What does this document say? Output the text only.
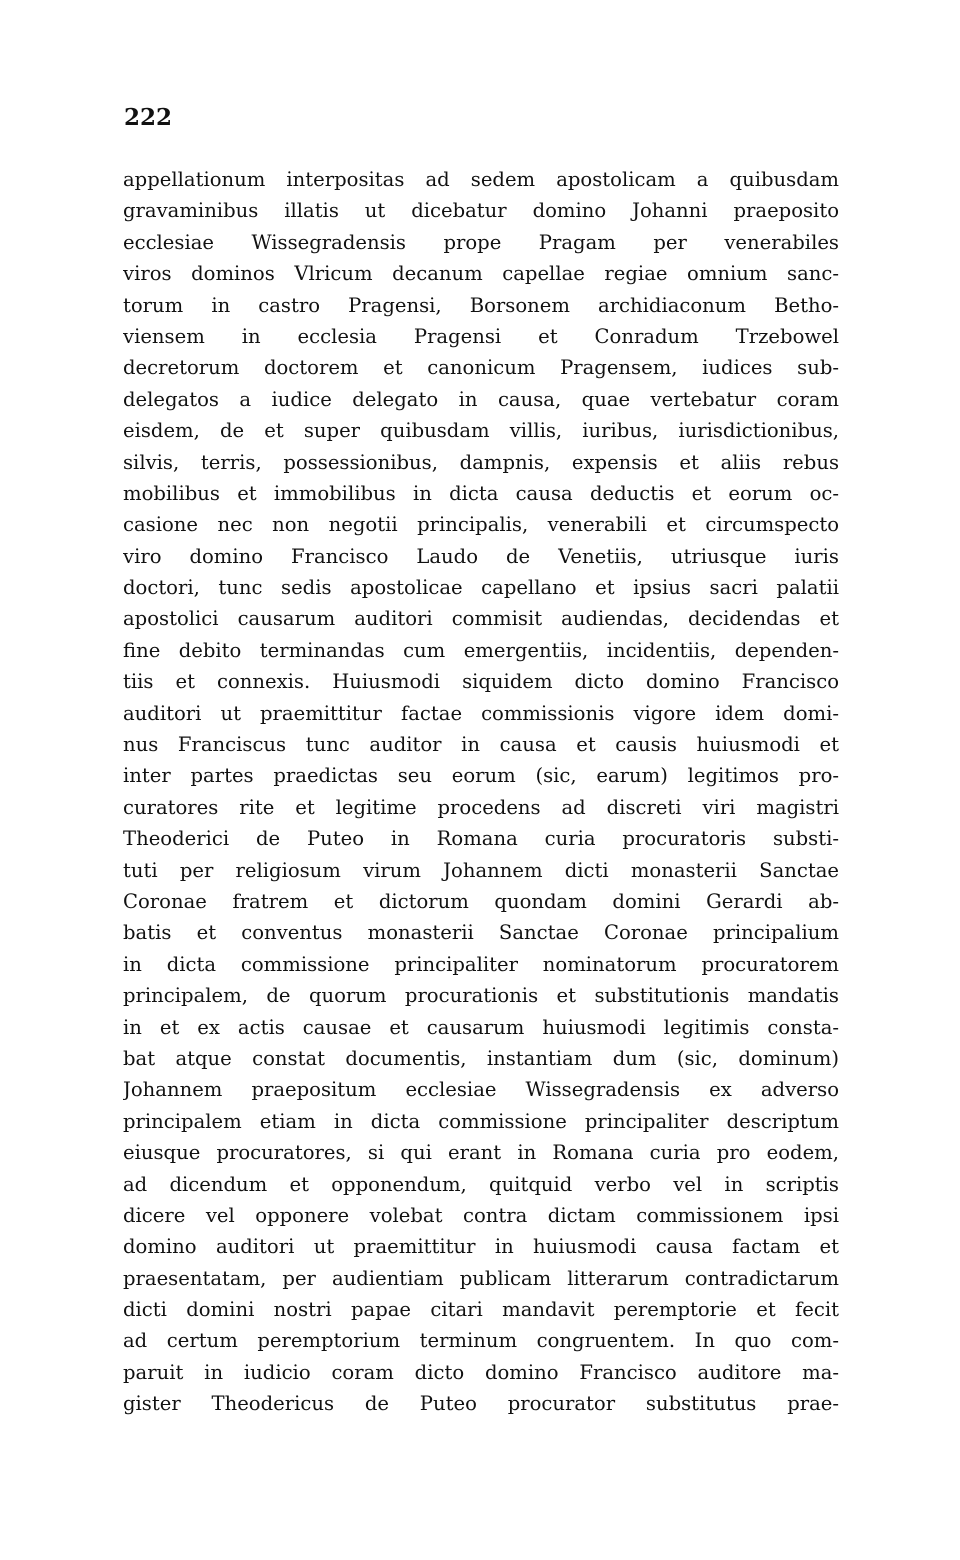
222
appellationum interpositas ad sedem apostolicam a quibusdam
gravaminibus illatis ut dicebatur domino Johanni praeposito
ecclesiae Wissegradensis prope Pragam per venerabiles
viros dominos Vlricum decanum capellae regiae omnium sanc-
torum in castro Pragensi, Borsonem archidiaconum Betho-
viensem in ecclesia Pragensi et Conradum Trzebowel
decretorum doctorem et canonicum Pragensem, iudices sub-
delegatos a iudice delegato in causa, quae vertebatur coram
eisdem, de et super quibusdam villis, iuribus, iurisdictionibus,
silvis, terris, possessionibus, dampnis, expensis et aliis rebus
mobilibus et immobilibus in dicta causa deductis et eorum oc-
casione nec non negotii principalis, venerabili et circumspecto
viro domino Francisco Laudo de Venetiis, utriusque iuris
doctori, tunc sedis apostolicae capellano et ipsius sacri palatii
apostolici causarum auditori commisit audiendas, decidendas et
fine debito terminandas cum emergentiis, incidentiis, dependen-
tiis et connexis. Huiusmodi siquidem dicto domino Francisco
auditori ut praemittitur factae commissionis vigore idem domi-
nus Franciscus tunc auditor in causa et causis huiusmodi et
inter partes praedictas seu eorum (sic, earum) legitimos pro-
curatores rite et legitime procedens ad discreti viri magistri
Theoderici de Puteo in Romana curia procuratoris substi-
tuti per religiosum virum Johannem dicti monasterii Sanctae
Coronae fratrem et dictorum quondam domini Gerardi ab-
batis et conventus monasterii Sanctae Coronae principalium
in dicta commissione principaliter nominatorum procuratorem
principalem, de quorum procurationis et substitutionis mandatis
in et ex actis causae et causarum huiusmodi legitimis consta-
bat atque constat documentis, instantiam dum (sic, dominum)
Johannem praepositum ecclesiae Wissegradensis ex adverso
principalem etiam in dicta commissione principaliter descriptum
eiusque procuratores, si qui erant in Romana curia pro eodem,
ad dicendum et opponendum, quitquid verbo vel in scriptis
dicere vel opponere volebat contra dictam commissionem ipsi
domino auditori ut praemittitur in huiusmodi causa factam et
praesentatam, per audientiam publicam litterarum contradictarum
dicti domini nostri papae citari mandavit peremptorie et fecit
ad certum peremptorium terminum congruentem. In quo com-
paruit in iudicio coram dicto domino Francisco auditore ma-
gister Theodericus de Puteo procurator substitutus prae-
